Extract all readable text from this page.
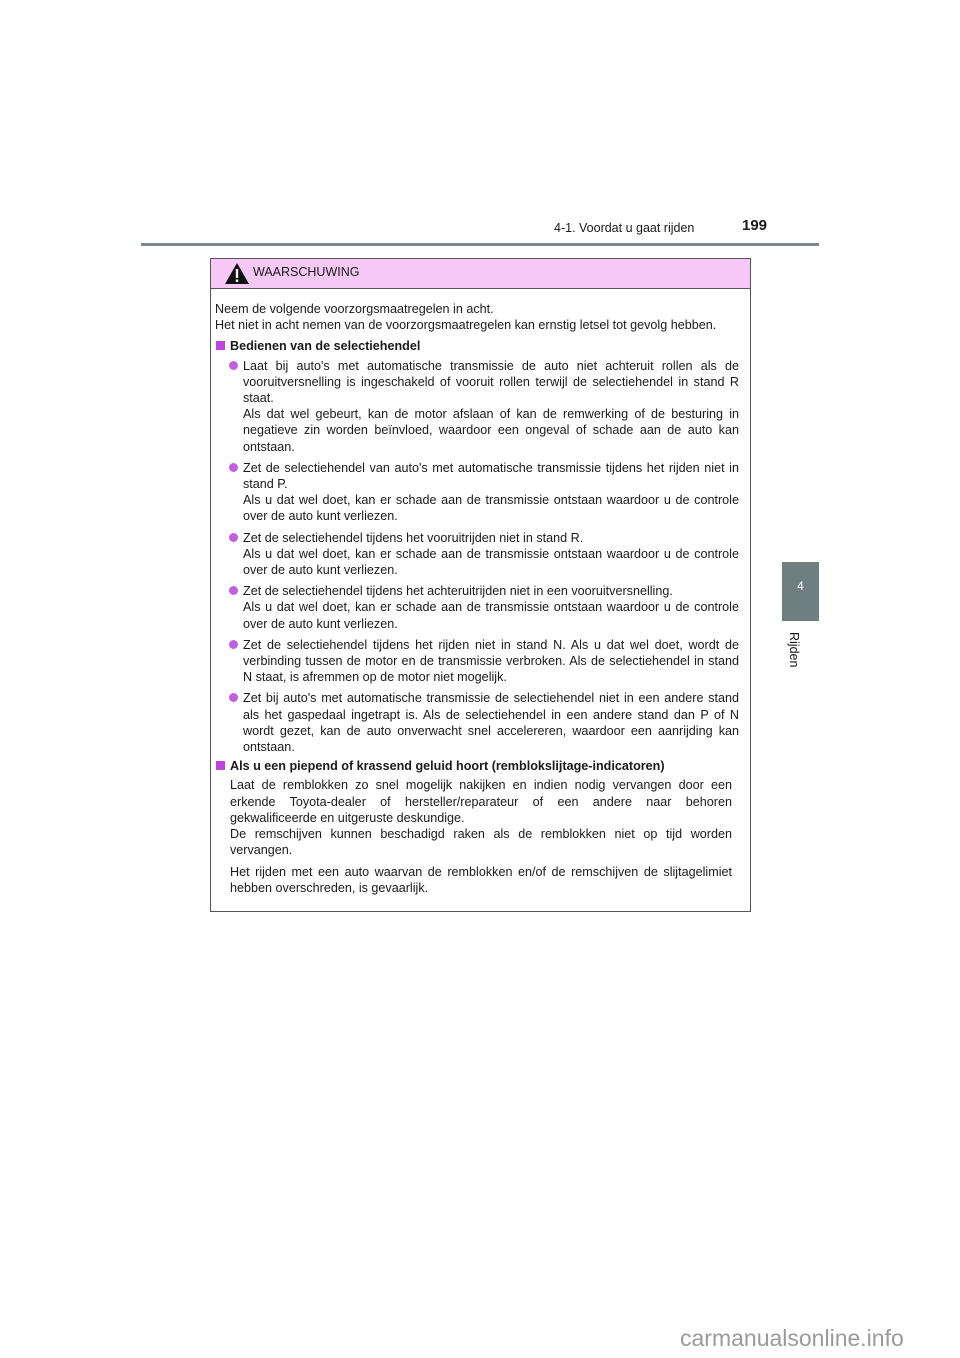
4-1. Voordat u gaat rijden	199
4
Rijden
WAARSCHUWING

Neem de volgende voorzorgsmaatregelen in acht.

Het niet in acht nemen van de voorzorgsmaatregelen kan ernstig letsel tot gevolg hebben.

Bedienen van de selectiehendel

Laat bij auto's met automatische transmissie de auto niet achteruit rollen als de vooruitversnelling is ingeschakeld of vooruit rollen terwijl de selectiehendel in stand R staat.

Als dat wel gebeurt, kan de motor afslaan of kan de remwerking of de besturing in negatieve zin worden beïnvloed, waardoor een ongeval of schade aan de auto kan ontstaan.

Zet de selectiehendel van auto's met automatische transmissie tijdens het rijden niet in stand P.

Als u dat wel doet, kan er schade aan de transmissie ontstaan waardoor u de controle over de auto kunt verliezen.

Zet de selectiehendel tijdens het vooruitrijden niet in stand R.

Als u dat wel doet, kan er schade aan de transmissie ontstaan waardoor u de controle over de auto kunt verliezen.

Zet de selectiehendel tijdens het achteruitrijden niet in een vooruitversnelling.

Als u dat wel doet, kan er schade aan de transmissie ontstaan waardoor u de controle over de auto kunt verliezen.

Zet de selectiehendel tijdens het rijden niet in stand N. Als u dat wel doet, wordt de verbinding tussen de motor en de transmissie verbroken. Als de selectiehendel in stand N staat, is afremmen op de motor niet mogelijk.

Zet bij auto's met automatische transmissie de selectiehendel niet in een andere stand als het gaspedaal ingetrapt is. Als de selectiehendel in een andere stand dan P of N wordt gezet, kan de auto onverwacht snel accelereren, waardoor een aanrijding kan ontstaan.

Als u een piepend of krassend geluid hoort (remblokslijtage-indicatoren)

Laat de remblokken zo snel mogelijk nakijken en indien nodig vervangen door een erkende Toyota-dealer of hersteller/reparateur of een andere naar behoren gekwalificeerde en uitgeruste deskundige.

De remschijven kunnen beschadigd raken als de remblokken niet op tijd worden vervangen.

Het rijden met een auto waarvan de remblokken en/of de remschijven de slijtagelimiet hebben overschreden, is gevaarlijk.

carmanualsonline.info
